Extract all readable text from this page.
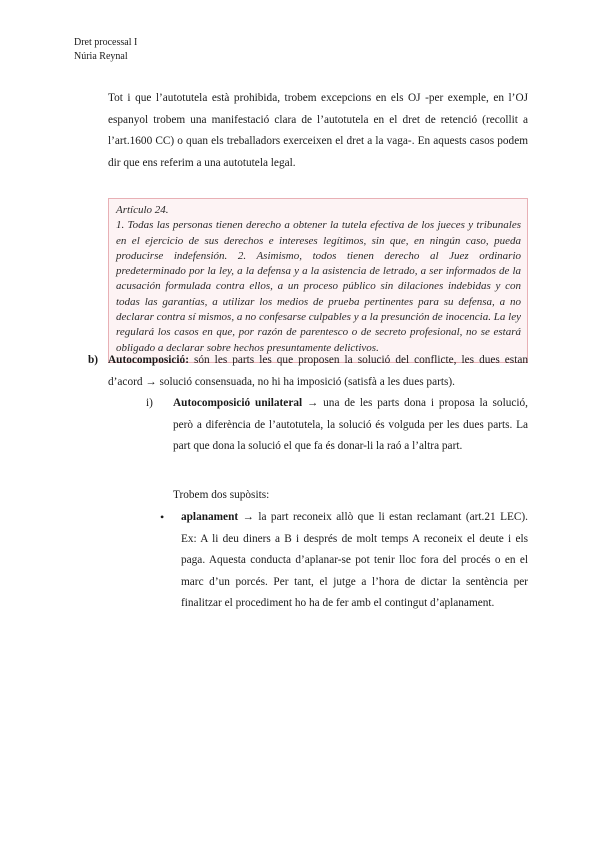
Dret processal I
Núria Reynal

Tot i que l’autotutela està prohibida, trobem excepcions en els OJ -per exemple, en l’OJ espanyol trobem una manifestació clara de l’autotutela en el dret de retenció (recollit a l’art.1600 CC) o quan els treballadors exerceixen el dret a la vaga-. En aquests casos podem dir que ens referim a una autotutela legal.

Artículo 24.
1. Todas las personas tienen derecho a obtener la tutela efectiva de los jueces y tribunales en el ejercicio de sus derechos e intereses legítimos, sin que, en ningún caso, pueda producirse indefensión. 2. Asimismo, todos tienen derecho al Juez ordinario predeterminado por la ley, a la defensa y a la asistencia de letrado, a ser informados de la acusación formulada contra ellos, a un proceso público sin dilaciones indebidas y con todas las garantías, a utilizar los medios de prueba pertinentes para su defensa, a no declarar contra sí mismos, a no confesarse culpables y a la presunción de inocencia. La ley regulará los casos en que, por razón de parentesco o de secreto profesional, no se estará obligado a declarar sobre hechos presuntamente delictivos.
b) Autocomposició: són les parts les que proposen la solució del conflicte, les dues estan d’acord → solució consensuada, no hi ha imposició (satisfà a les dues parts).

i) Autocomposició unilateral → una de les parts dona i proposa la solució, però a diferència de l’autotutela, la solució és volguda per les dues parts. La part que dona la solució el que fa és donar-li la raó a l’altra part.

Trobem dos supòsits:
• aplanament → la part reconeix allò que li estan reclamant (art.21 LEC). Ex: A li deu diners a B i després de molt temps A reconeix el deute i els paga. Aquesta conducta d’aplanar-se pot tenir lloc fora del procés o en el marc d’un porcés. Per tant, el jutge a l’hora de dictar la sentència per finalitzar el procediment ho ha de fer amb el contingut d’aplanament.
